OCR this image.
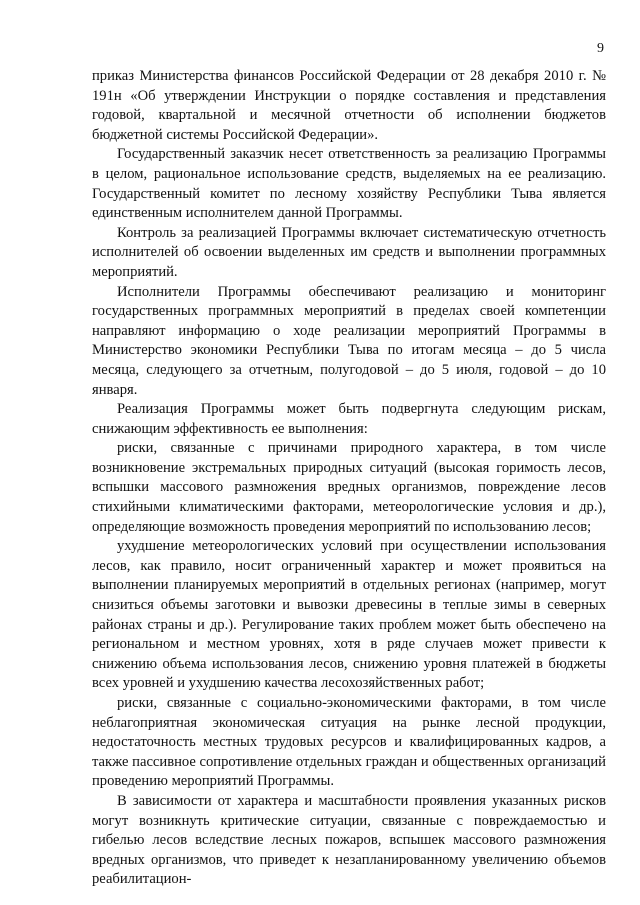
9

приказ Министерства финансов Российской Федерации от 28 декабря 2010 г. № 191н «Об утверждении Инструкции о порядке составления и представления годовой, квартальной и месячной отчетности об исполнении бюджетов бюджетной системы Российской Федерации».

Государственный заказчик несет ответственность за реализацию Программы в целом, рациональное использование средств, выделяемых на ее реализацию. Государственный комитет по лесному хозяйству Республики Тыва является единственным исполнителем данной Программы.

Контроль за реализацией Программы включает систематическую отчетность исполнителей об освоении выделенных им средств и выполнении программных мероприятий.

Исполнители Программы обеспечивают реализацию и мониторинг государственных программных мероприятий в пределах своей компетенции направляют информацию о ходе реализации мероприятий Программы в Министерство экономики Республики Тыва по итогам месяца – до 5 числа месяца, следующего за отчетным, полугодовой – до 5 июля, годовой – до 10 января.

Реализация Программы может быть подвергнута следующим рискам, снижающим эффективность ее выполнения:

риски, связанные с причинами природного характера, в том числе возникновение экстремальных природных ситуаций (высокая горимость лесов, вспышки массового размножения вредных организмов, повреждение лесов стихийными климатическими факторами, метеорологические условия и др.), определяющие возможность проведения мероприятий по использованию лесов;

ухудшение метеорологических условий при осуществлении использования лесов, как правило, носит ограниченный характер и может проявиться на выполнении планируемых мероприятий в отдельных регионах (например, могут снизиться объемы заготовки и вывозки древесины в теплые зимы в северных районах страны и др.). Регулирование таких проблем может быть обеспечено на региональном и местном уровнях, хотя в ряде случаев может привести к снижению объема использования лесов, снижению уровня платежей в бюджеты всех уровней и ухудшению качества лесохозяйственных работ;

риски, связанные с социально-экономическими факторами, в том числе неблагоприятная экономическая ситуация на рынке лесной продукции, недостаточность местных трудовых ресурсов и квалифицированных кадров, а также пассивное сопротивление отдельных граждан и общественных организаций проведению мероприятий Программы.

В зависимости от характера и масштабности проявления указанных рисков могут возникнуть критические ситуации, связанные с повреждаемостью и гибелью лесов вследствие лесных пожаров, вспышек массового размножения вредных организмов, что приведет к незапланированному увеличению объемов реабилитацион-
